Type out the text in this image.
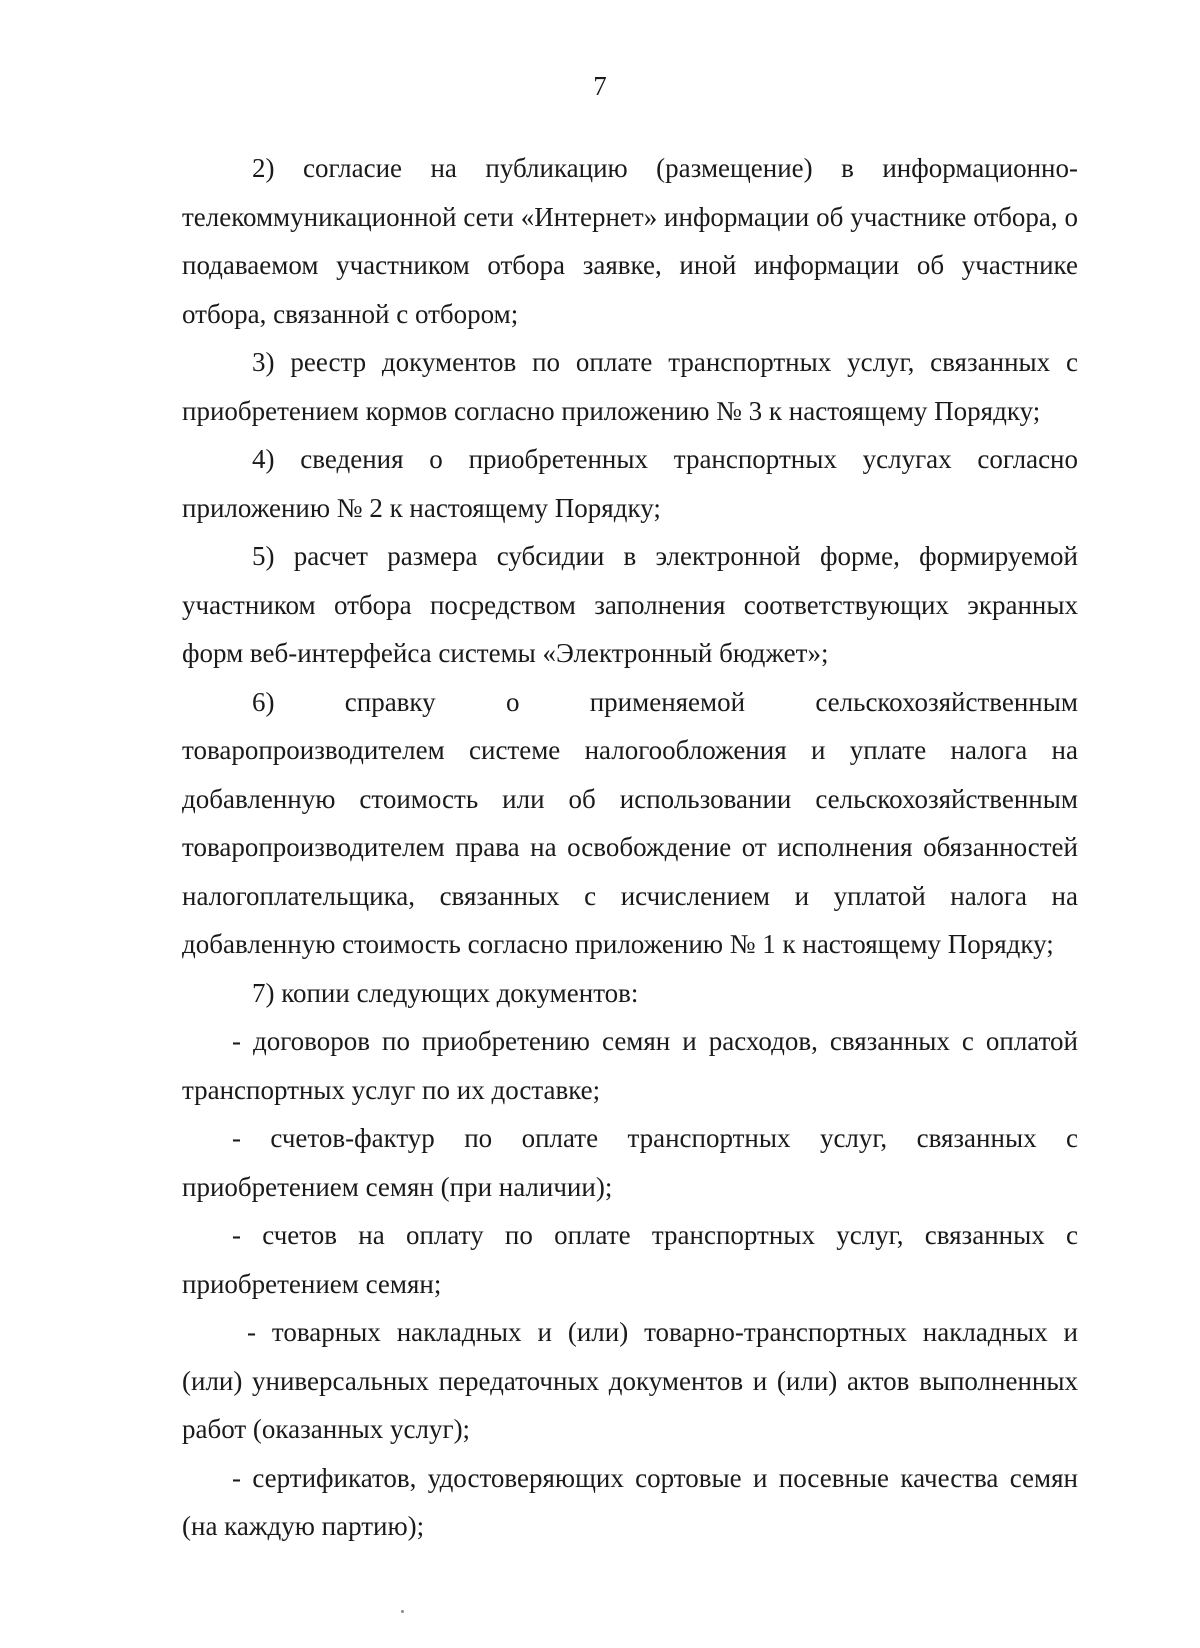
7

2) согласие на публикацию (размещение) в информационно-телекоммуникационной сети «Интернет» информации об участнике отбора, о подаваемом участником отбора заявке, иной информации об участнике отбора, связанной с отбором;

3) реестр документов по оплате транспортных услуг, связанных с приобретением кормов согласно приложению № 3 к настоящему Порядку;

4) сведения о приобретенных транспортных услугах согласно приложению № 2 к настоящему Порядку;

5) расчет размера субсидии в электронной форме, формируемой участником отбора посредством заполнения соответствующих экранных форм веб-интерфейса системы «Электронный бюджет»;

6) справку о применяемой сельскохозяйственным товаропроизводителем системе налогообложения и уплате налога на добавленную стоимость или об использовании сельскохозяйственным товаропроизводителем права на освобождение от исполнения обязанностей налогоплательщика, связанных с исчислением и уплатой налога на добавленную стоимость согласно приложению № 1 к настоящему Порядку;

7) копии следующих документов:

- договоров по приобретению семян и расходов, связанных с оплатой транспортных услуг по их доставке;

- счетов-фактур по оплате транспортных услуг, связанных с приобретением семян (при наличии);

- счетов на оплату по оплате транспортных услуг, связанных с приобретением семян;

- товарных накладных и (или) товарно-транспортных накладных и (или) универсальных передаточных документов и (или) актов выполненных работ (оказанных услуг);

- сертификатов, удостоверяющих сортовые и посевные качества семян (на каждую партию);
